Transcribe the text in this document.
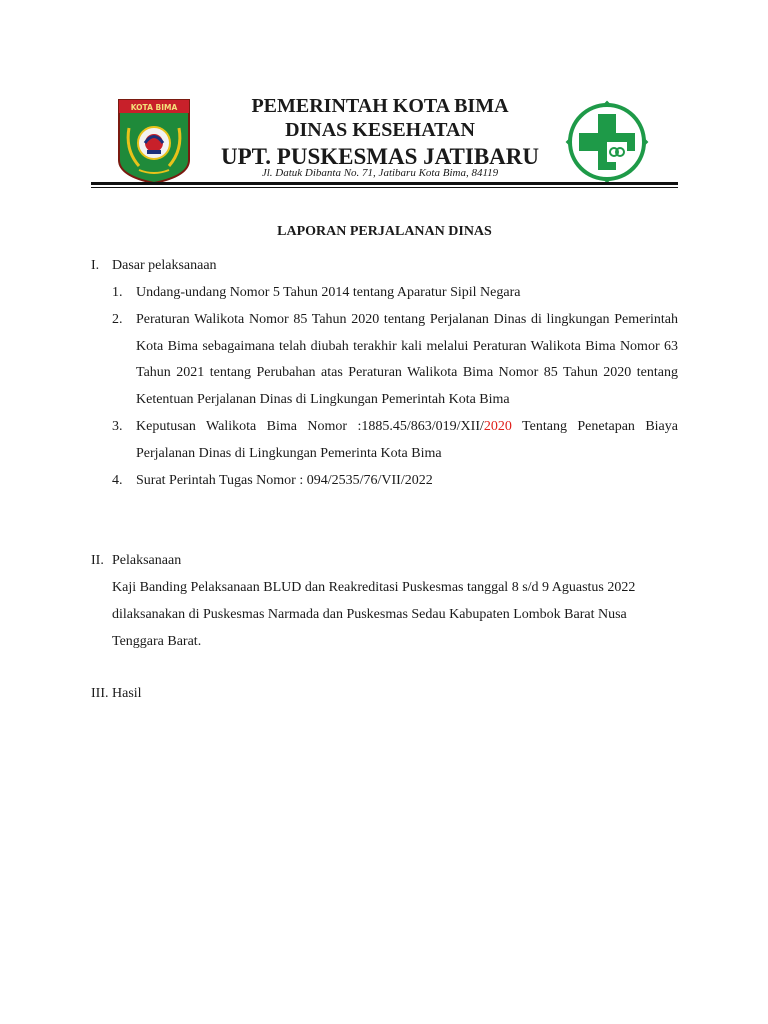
KOTA BIMA	PEMERINTAH KOTA BIMA
DINAS KESEHATAN
UPT. PUSKESMAS JATIBARU
Jl. Datuk Dibanta No. 71, Jatibaru Kota Bima, 84119
LAPORAN PERJALANAN DINAS
I. Dasar pelaksanaan
1. Undang-undang Nomor 5 Tahun 2014 tentang Aparatur Sipil Negara
2. Peraturan Walikota Nomor 85 Tahun 2020 tentang Perjalanan Dinas di lingkungan Pemerintah Kota Bima sebagaimana telah diubah terakhir kali melalui Peraturan Walikota Bima Nomor 63 Tahun 2021 tentang Perubahan atas Peraturan Walikota Bima Nomor 85 Tahun 2020 tentang Ketentuan Perjalanan Dinas di Lingkungan Pemerintah Kota Bima
3. Keputusan Walikota Bima Nomor :1885.45/863/019/XII/2020 Tentang Penetapan Biaya Perjalanan Dinas di Lingkungan Pemerinta Kota Bima
4. Surat Perintah Tugas Nomor : 094/2535/76/VII/2022
II. Pelaksanaan
Kaji Banding Pelaksanaan BLUD dan Reakreditasi Puskesmas tanggal 8 s/d 9 Aguastus 2022 dilaksanakan di Puskesmas Narmada dan Puskesmas Sedau Kabupaten Lombok Barat Nusa Tenggara Barat.
III. Hasil
